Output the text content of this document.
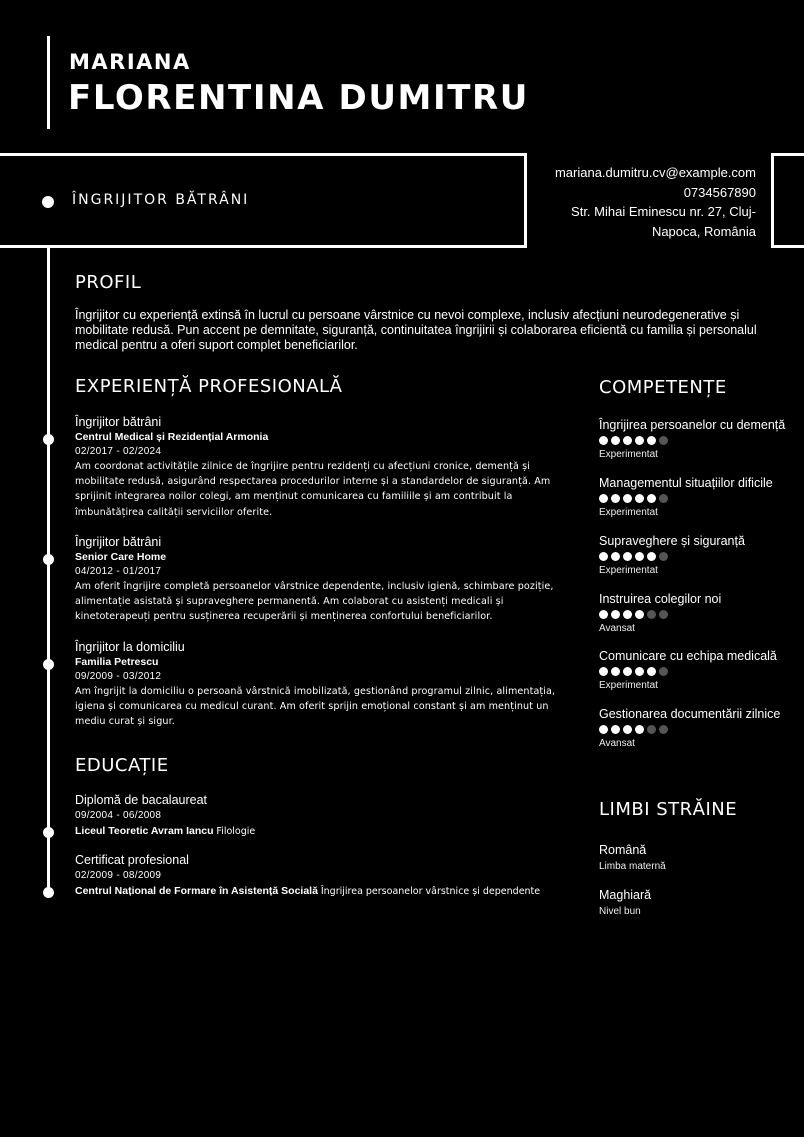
MARIANA
FLORENTINA DUMITRU
ÎNGRIJITOR BĂTRÂNI
mariana.dumitru.cv@example.com
0734567890
Str. Mihai Eminescu nr. 27, Cluj-
Napoca, România
PROFIL
Îngrijitor cu experiență extinsă în lucrul cu persoane vârstnice cu nevoi complexe, inclusiv afecțiuni neurodegenerative și mobilitate redusă. Pun accent pe demnitate, siguranță, continuitatea îngrijirii și colaborarea eficientă cu familia și personalul medical pentru a oferi suport complet beneficiarilor.
EXPERIENȚĂ PROFESIONALĂ
Îngrijitor bătrâni
Centrul Medical și Rezidențial Armonia
02/2017 - 02/2024
Am coordonat activitățile zilnice de îngrijire pentru rezidenți cu afecțiuni cronice, demență și mobilitate redusă, asigurând respectarea procedurilor interne și a standardelor de siguranță. Am sprijinit integrarea noilor colegi, am menținut comunicarea cu familiile și am contribuit la îmbunătățirea calității serviciilor oferite.
Îngrijitor bătrâni
Senior Care Home
04/2012 - 01/2017
Am oferit îngrijire completă persoanelor vârstnice dependente, inclusiv igienă, schimbare poziție, alimentație asistată și supraveghere permanentă. Am colaborat cu asistenți medicali și kinetoterapeuți pentru susținerea recuperării și menținerea confortului beneficiarilor.
Îngrijitor la domiciliu
Familia Petrescu
09/2009 - 03/2012
Am îngrijit la domiciliu o persoană vârstnică imobilizată, gestionând programul zilnic, alimentația, igiena și comunicarea cu medicul curant. Am oferit sprijin emoțional constant și am menținut un mediu curat și sigur.
EDUCAȚIE
Diplomă de bacalaureat
09/2004 - 06/2008
Liceul Teoretic Avram Iancu Filologie
Certificat profesional
02/2009 - 08/2009
Centrul Național de Formare în Asistență Socială Îngrijirea persoanelor vârstnice și dependente
COMPETENȚE
Îngrijirea persoanelor cu demență
Experimentat
Managementul situațiilor dificile
Experimentat
Supraveghere și siguranță
Experimentat
Instruirea colegilor noi
Avansat
Comunicare cu echipa medicală
Experimentat
Gestionarea documentării zilnice
Avansat
LIMBI STRĂINE
Română
Limba maternă
Maghiară
Nivel bun
